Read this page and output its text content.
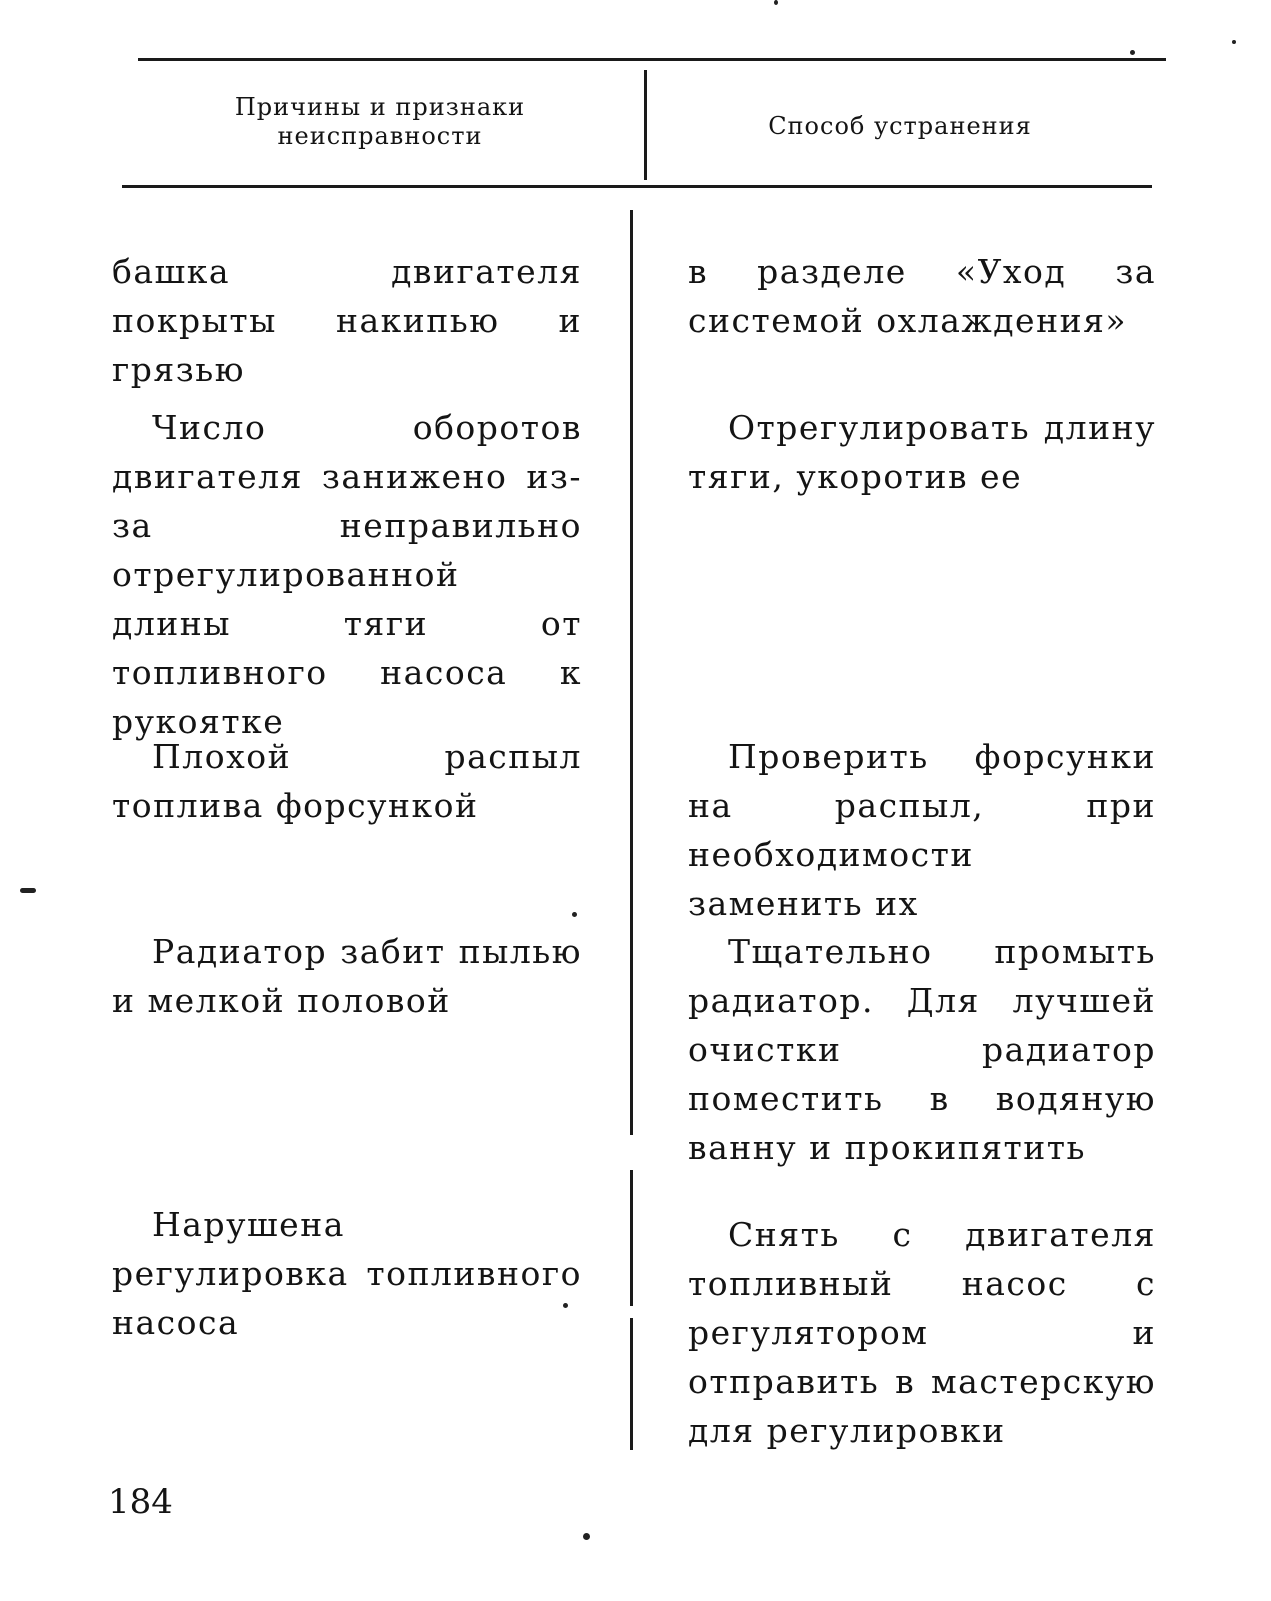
Причины и признаки
неисправности	Способ устранения
башка двигателя покрыты накипью и грязью
в разделе «Уход за системой охлаждения»
Число оборотов двигателя занижено из-за неправильно отрегулированной длины тяги от топливного насоса к рукоятке
Отрегулировать длину тяги, укоротив ее
Плохой распыл топлива форсункой
Проверить форсунки на распыл, при необходимости заменить их
Радиатор забит пылью и мелкой половой
Тщательно промыть радиатор. Для лучшей очистки радиатор поместить в водяную ванну и прокипятить
Нарушена регулировка топливного насоса
Снять с двигателя топливный насос с регулятором и отправить в мастерскую для регулировки
184
